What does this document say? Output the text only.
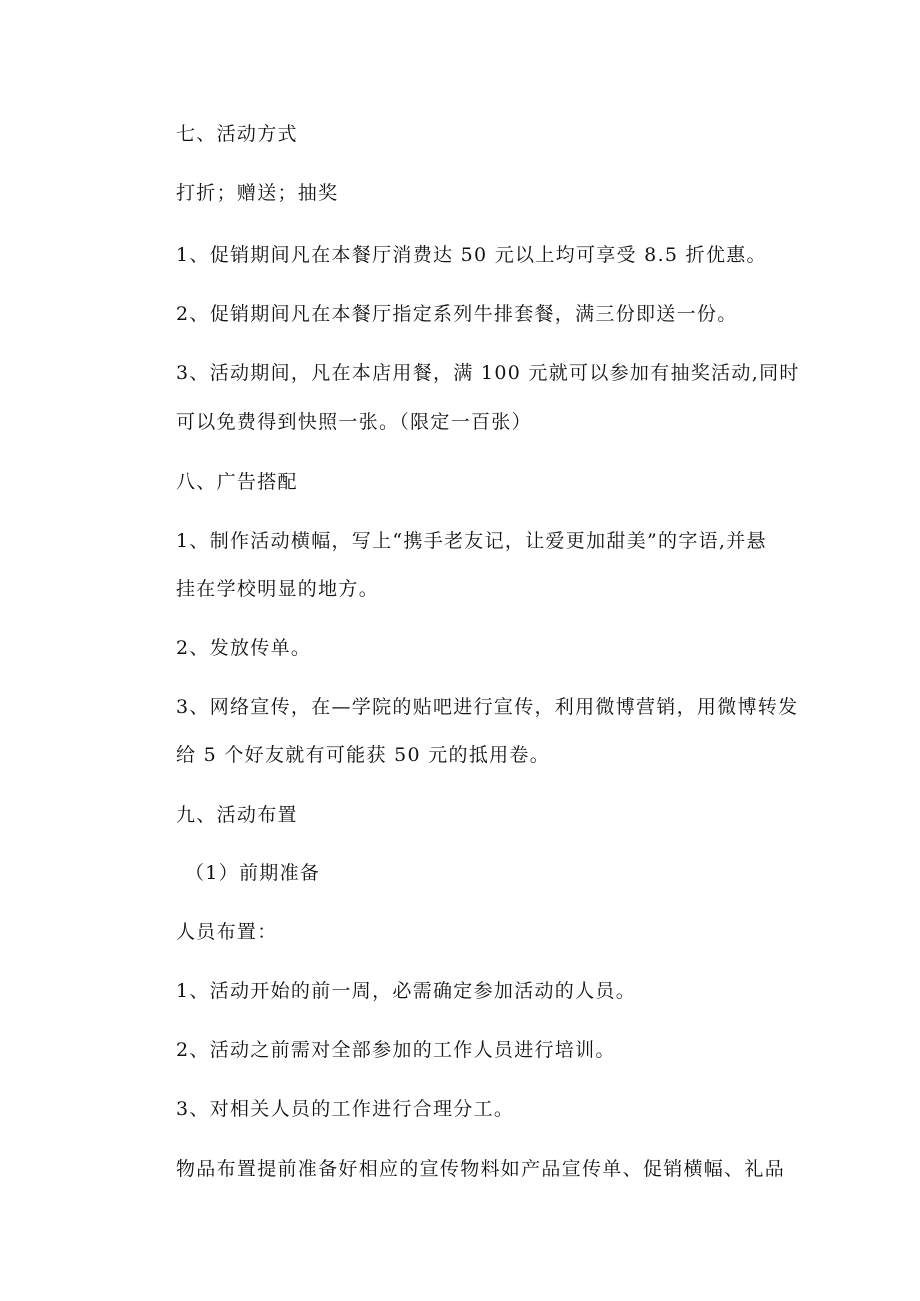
七、活动方式
打折；赠送；抽奖
1、促销期间凡在本餐厅消费达 50 元以上均可享受 8.5 折优惠。
2、促销期间凡在本餐厅指定系列牛排套餐，满三份即送一份。
3、活动期间，凡在本店用餐，满 100 元就可以参加有抽奖活动,同时
可以免费得到快照一张。（限定一百张）
八、广告搭配
1、制作活动横幅，写上“携手老友记，让爱更加甜美”的字语,并悬
挂在学校明显的地方。
2、发放传单。
3、网络宣传，在—学院的贴吧进行宣传，利用微博营销，用微博转发
给 5 个好友就有可能获 50 元的抵用卷。
九、活动布置
（1）前期准备
人员布置：
1、活动开始的前一周，必需确定参加活动的人员。
2、活动之前需对全部参加的工作人员进行培训。
3、对相关人员的工作进行合理分工。
物品布置提前准备好相应的宣传物料如产品宣传单、促销横幅、礼品
